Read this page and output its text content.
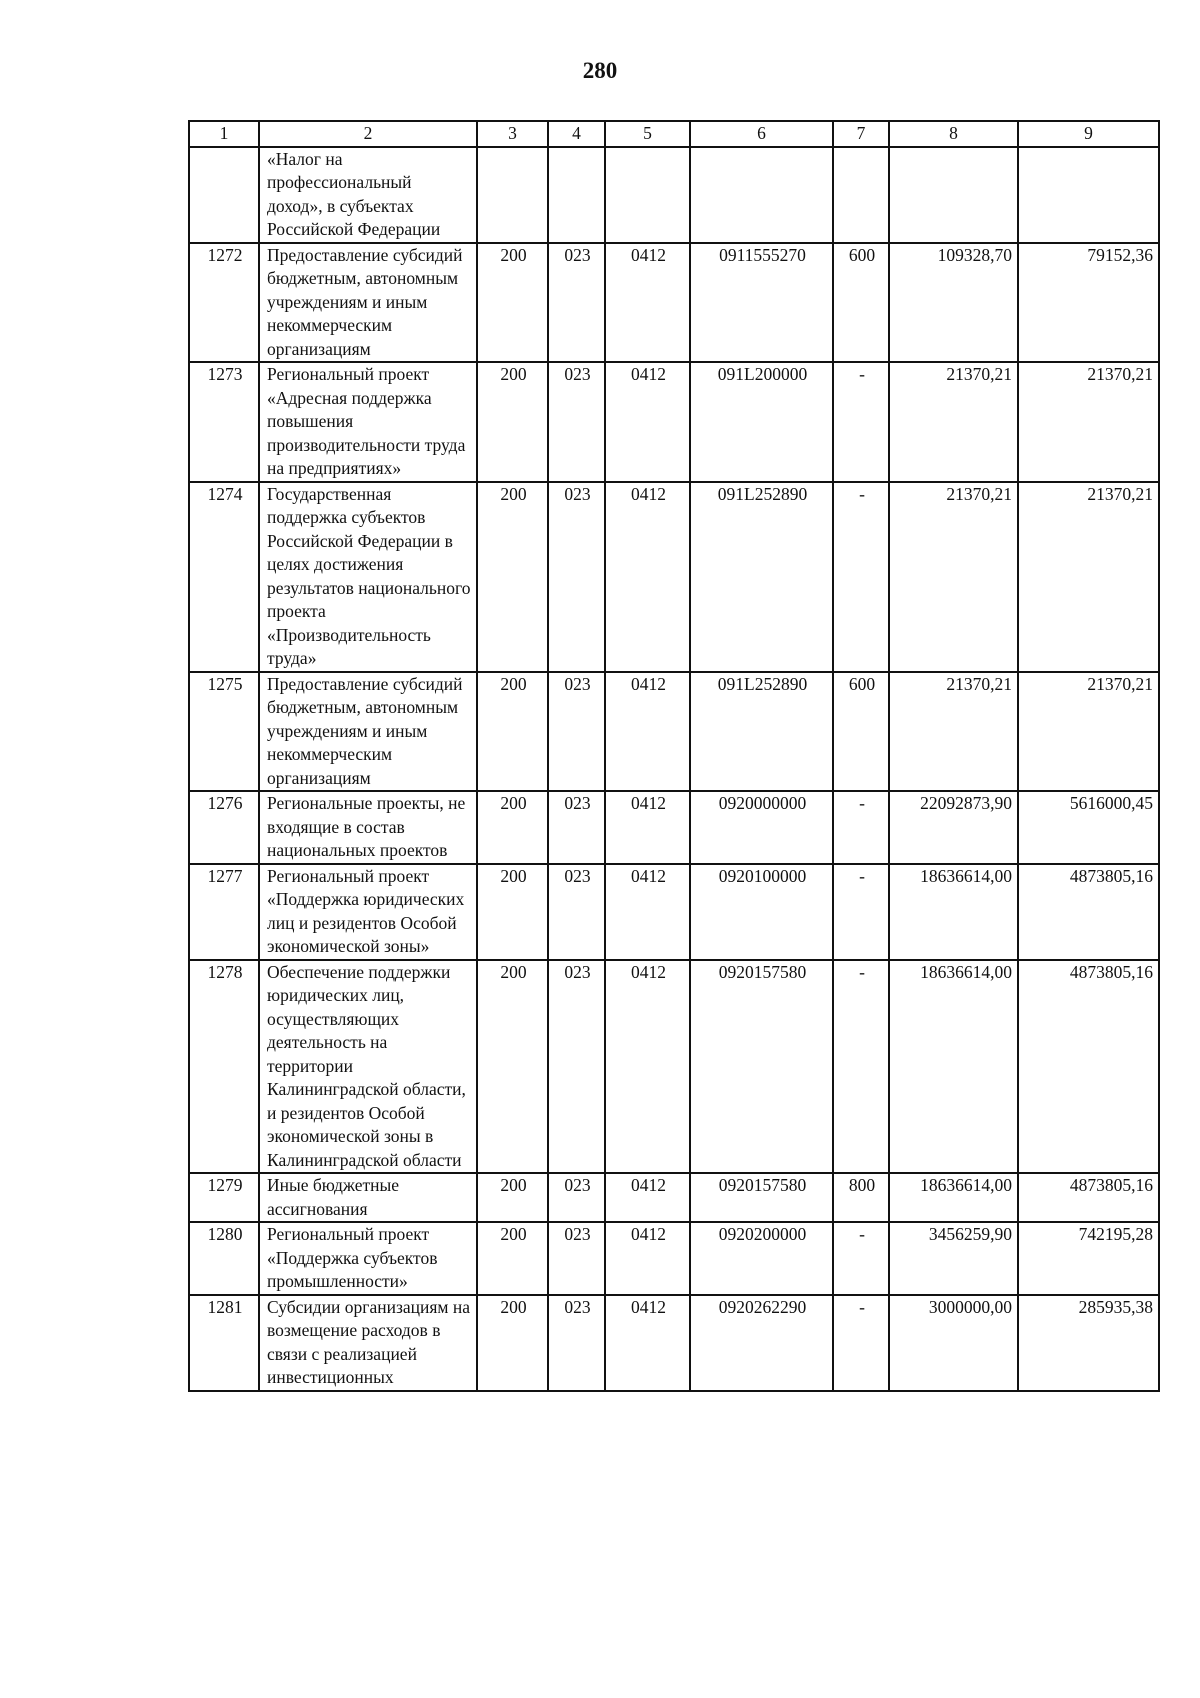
280
1	2	3	4	5	6	7	8	9
	«Налог на профессиональный доход», в субъектах Российской Федерации							
1272	Предоставление субсидий бюджетным, автономным учреждениям и иным некоммерческим организациям	200	023	0412	0911555270	600	109328,70	79152,36
1273	Региональный проект «Адресная поддержка повышения производительности труда на предприятиях»	200	023	0412	091L200000	-	21370,21	21370,21
1274	Государственная поддержка субъектов Российской Федерации в целях достижения результатов национального проекта «Производительность труда»	200	023	0412	091L252890	-	21370,21	21370,21
1275	Предоставление субсидий бюджетным, автономным учреждениям и иным некоммерческим организациям	200	023	0412	091L252890	600	21370,21	21370,21
1276	Региональные проекты, не входящие в состав национальных проектов	200	023	0412	0920000000	-	22092873,90	5616000,45
1277	Региональный проект «Поддержка юридических лиц и резидентов Особой экономической зоны»	200	023	0412	0920100000	-	18636614,00	4873805,16
1278	Обеспечение поддержки юридических лиц, осуществляющих деятельность на территории Калининградской области, и резидентов Особой экономической зоны в Калининградской области	200	023	0412	0920157580	-	18636614,00	4873805,16
1279	Иные бюджетные ассигнования	200	023	0412	0920157580	800	18636614,00	4873805,16
1280	Региональный проект «Поддержка субъектов промышленности»	200	023	0412	0920200000	-	3456259,90	742195,28
1281	Субсидии организациям на возмещение расходов в связи с реализацией инвестиционных	200	023	0412	0920262290	-	3000000,00	285935,38
